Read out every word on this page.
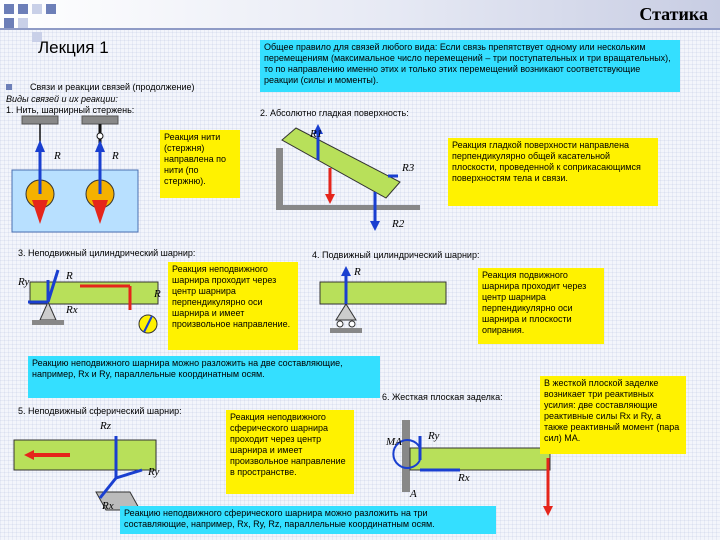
Статика
Лекция 1	Общее правило для связей любого вида: Если связь препятствует одному или нескольким перемещениям (максимальное число перемещений – три поступательных и три вращательных), то по направлению именно этих и только этих перемещений возникают соответствующие реакции (силы и моменты).
Связи и реакции связей (продолжение)
Виды связей и их реакции:
1. Нить, шарнирный стержень:
R	R
Реакция нити (стержня) направлена по нити (по стержню).
2. Абсолютно гладкая поверхность:
R1
R3
R2
Реакция гладкой поверхности направлена перпендикулярно общей касательной плоскости, проведенной к соприкасающимся поверхностям тела и связи.
3. Неподвижный цилиндрический шарнир:
R
Ry
Rx
R
Реакция неподвижного шарнира проходит через центр шарнира перпендикулярно оси шарнира и имеет произвольное направление.
4. Подвижный цилиндрический шарнир:
R	Реакция подвижного шарнира проходит через центр шарнира перпендикулярно оси шарнира и плоскости опирания.
Реакцию неподвижного шарнира можно разложить на две составляющие, например, Rx и Ry, параллельные координатным осям.
5. Неподвижный сферический шарнир:
Rz
Ry
Rx
Реакция неподвижного сферического шарнира проходит через центр шарнира и имеет произвольное направление в пространстве.
6. Жесткая плоская заделка:
MA Ry
Rx
A
В жесткой плоской заделке возникает три реактивных усилия: две составляющие реактивные силы Rx и Ry, а также реактивный момент (пара сил) MA.
Реакцию неподвижного сферического шарнира можно разложить на три составляющие, например, Rx, Ry, Rz, параллельные координатным осям.
